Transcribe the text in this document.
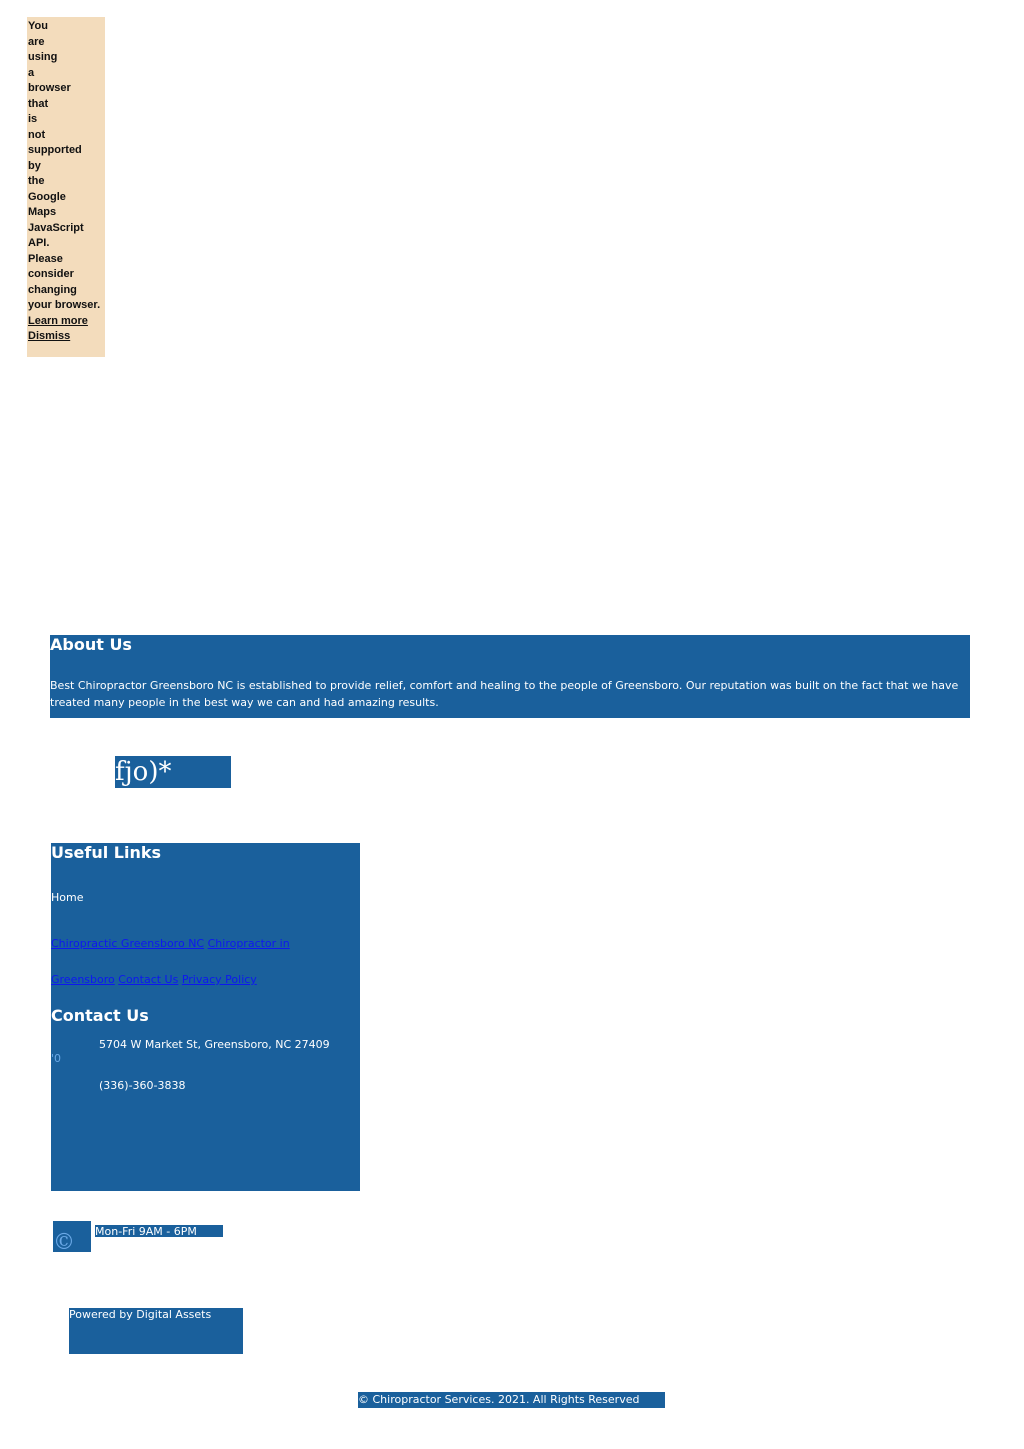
You
are
using
a
browser
that
is
not
supported
by
the
Google
Maps
JavaScript
API.
Please
consider
changing
your browser.
Learn more
Dismiss
About Us

Best Chiropractor Greensboro NC is established to provide relief, comfort and healing to the people of Greensboro. Our reputation was built on the fact that we have treated many people in the best way we can and had amazing results.

fjo)*
Useful Links
Home
Chiropractic Greensboro NC Chiropractor in Greensboro Contact Us Privacy Policy
Contact Us
5704 W Market St, Greensboro, NC 27409
'0
(336)-360-3838
©	Mon-Fri 9AM - 6PM
Powered by Digital Assets
© Chiropractor Services. 2021. All Rights Reserved
